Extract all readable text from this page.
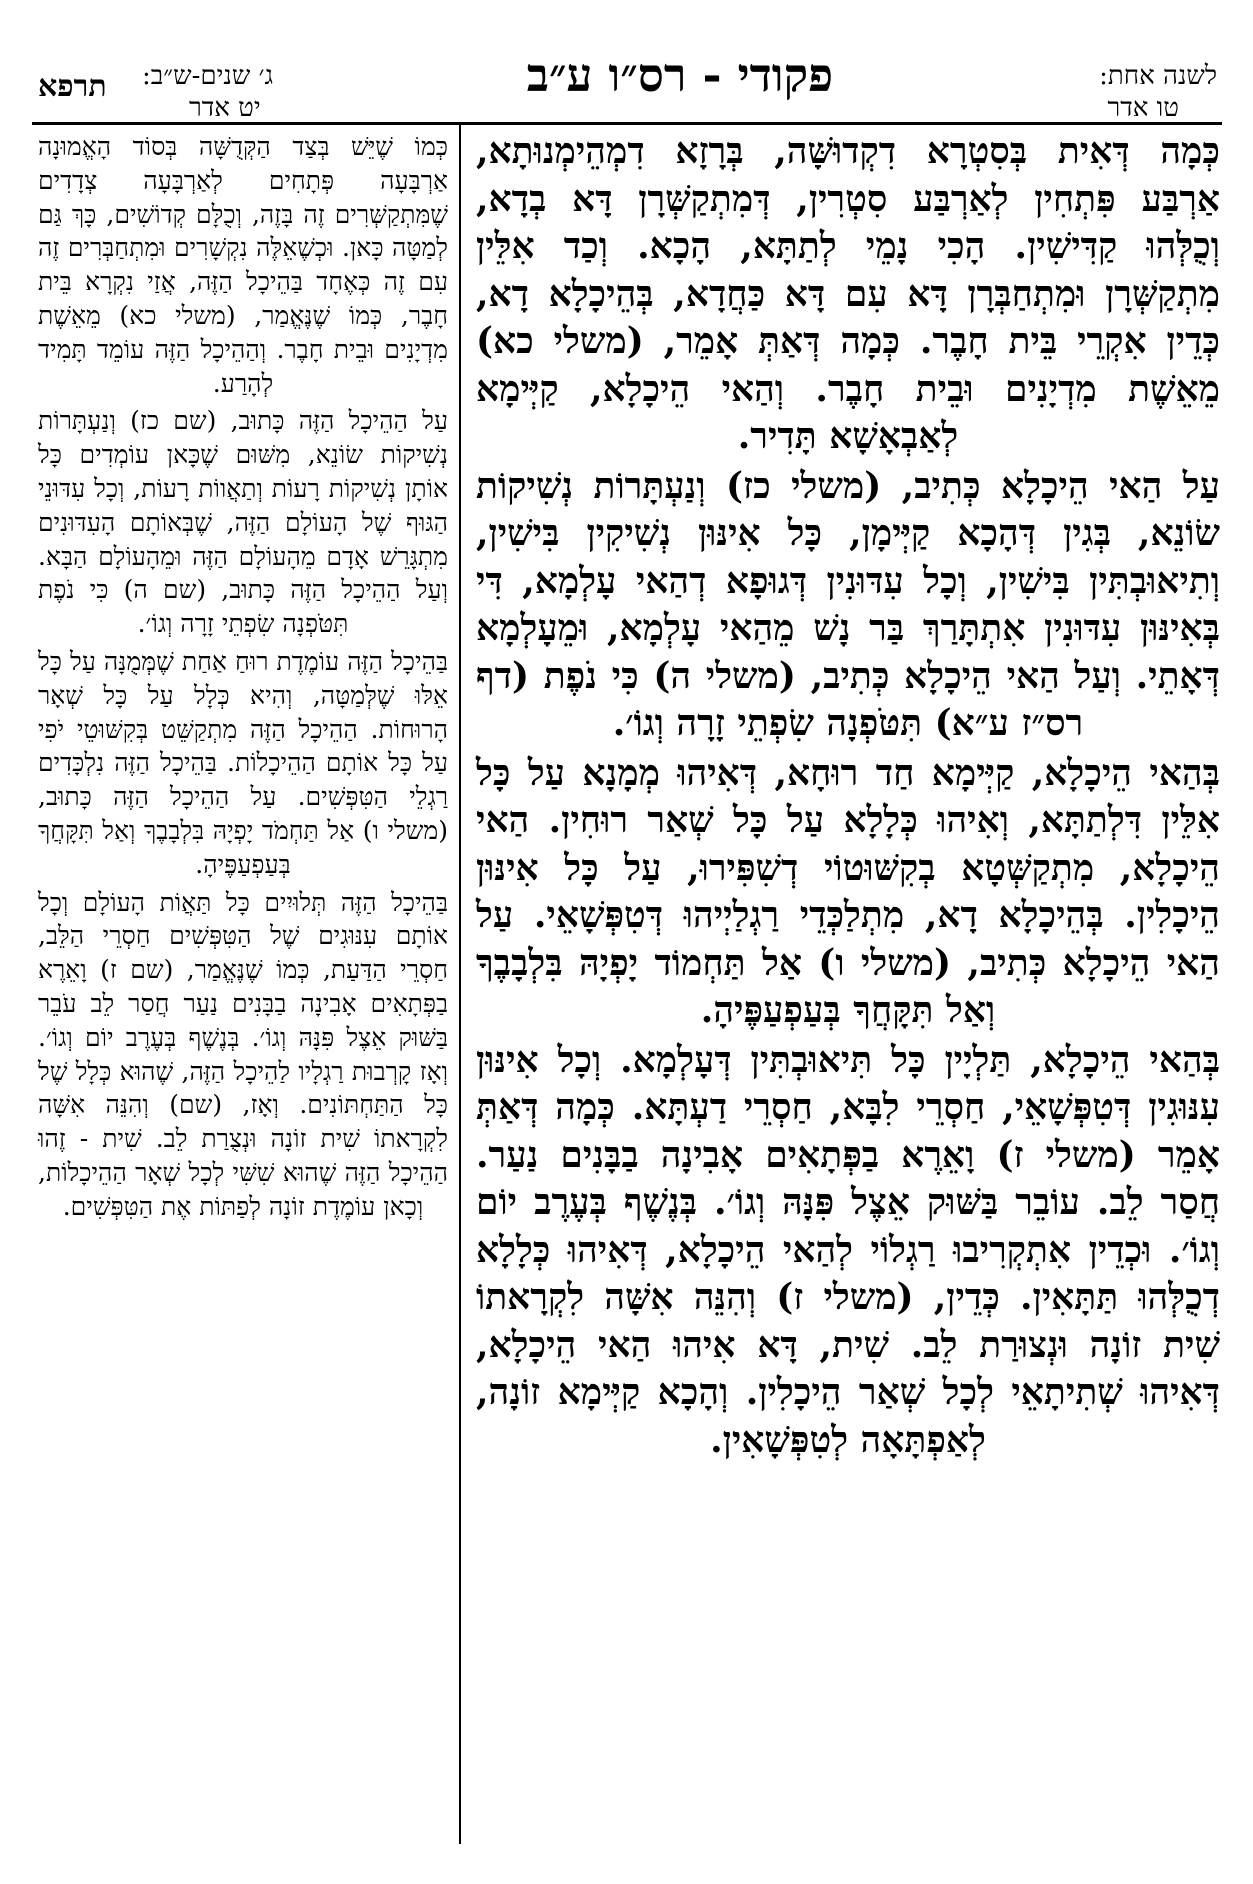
לשנה אחת:
טו אדר
פקודי - רס״ו ע״ב
ג׳ שנים-ש״ב:
יט אדר
תרפא

כְּמָה דְּאִית בְּסִטְרָא דִקְדוּשָּׁה, בְּרָזָא דִמְהֵימְנוּתָא, אַרְבַּע פִּתְחִין לְאַרְבַּע סִטְרִין, דְּמִתְקַשְּׁרָן דָּא בְדָא, וְכֻלְּהוּ קַדִּישִׁין. הָכִי נָמֵי לְתַתָּא, הָכָא. וְכַד אִלֵּין מִתְקַשְּׁרָן וּמִתְחַבְּרָן דָּא עִם דָּא כַּחֲדָא, בְּהֵיכָלָא דָא, כְּדֵין אִקְרֵי בֵּית חָבֶר. כְּמָה דְּאַתְּ אָמֵר, (משלי כא) מֵאֵשֶׁת מִדְיָנִים וּבֵית חָבֶר. וְהַאי הֵיכָלָא, קַיְּימָא לְאַבְאָשָׁא תָּדִיר.

עַל הַאי הֵיכָלָא כְּתִיב, (משלי כז) וְנַעְתָּרוֹת נְשִׁיקוֹת שׂוֹנֵא, בְּגִין דְּהָכָא קַיְּימָן, כָּל אִינּוּן נְשִׁיקִין בִּישִׁין, וְתִיאוּבְתִּין בִּישִׁין, וְכָל עִדּוּנִין דְּגוּפָא דְהַאי עָלְמָא, דִּי בְּאִינּוּן עִדּוּנִין אִתְתָּרַךְ בַּר נָשׁ מֵהַאי עָלְמָא, וּמֵעָלְמָא דְּאָתֵי. וְעַל הַאי הֵיכָלָא כְּתִיב, (משלי ה) כִּי נֹפֶת (דף רס״ז ע״א) תִּטֹּפְנָה שִׂפְתֵי זָרָה וְגוֹ׳.

בְּהַאי הֵיכָלָא, קַיְּימָא חַד רוּחָא, דְּאִיהוּ מְמָנָא עַל כָּל אִלֵּין דִּלְתַתָּא, וְאִיהוּ כְּלָלָא עַל כָּל שְׁאַר רוּחִין. הַאי הֵיכָלָא, מִתְקַשְּׁטָא בְקִשּׁוּטוֹי דְשִׁפִּירוּ, עַל כָּל אִינּוּן הֵיכָלִין. בְּהֵיכָלָא דָא, מִתְלַכְּדֵי רַגְלַיְיהוּ דְּטִפְּשָׁאֵי. עַל הַאי הֵיכָלָא כְּתִיב, (משלי ו) אַל תַּחְמוֹד יָפְיָהּ בִּלְבָבֶךָ וְאַל תִּקָּחֲךָ בְּעַפְעַפֶּיהָ.

בְּהַאי הֵיכָלָא, תַּלְיָין כָּל תִּיאוּבְתִּין דְּעָלְמָא. וְכָל אִינּוּן עִנּוּגִין דְּטִפְּשָׁאֵי, חַסְרֵי לִבָּא, חַסְרֵי דַעְתָּא. כְּמָה דְּאַתְּ אָמֵר (משלי ז) וָאֵרֶא בַפְּתָאִים אָבִינָה בַבָּנִים נַעַר. חֲסַר לֵב. עוֹבֵר בַּשּׁוּק אֵצֶל פִּנָּהּ וְגוֹ׳. בְּנֶשֶׁף בְּעֶרֶב יוֹם וְגוֹ׳. וּכְדֵין אִתְקְרִיבוּ רַגְלוֹי לְהַאי הֵיכָלָא, דְּאִיהוּ כְּלָלָא דְכֻלְּהוּ תַּתָּאִין. כְּדֵין, (משלי ז) וְהִנֵּה אִשָּׁה לִקְרָאתוֹ שִׁית זוֹנָה וּנְצוּרַת לֵב. שִׁית, דָּא אִיהוּ הַאי הֵיכָלָא, דְּאִיהוּ שְׁתִיתָאֵי לְכָל שְׁאַר הֵיכָלִין. וְהָכָא קַיְּימָא זוֹנָה, לְאַפְתָּאָה לְטִפְּשָׁאִין.

כְּמוֹ שֶׁיֵּשׁ בְּצַד הַקְּדֻשָּׁה בְּסוֹד הָאֱמוּנָה אַרְבָּעָה פְּתָחִים לְאַרְבָּעָה צְדָדִים שֶׁמִּתְקַשְּׁרִים זֶה בָּזֶה, וְכֻלָּם קְדוֹשִׁים, כָּךְ גַּם לְמַטָּה כָּאן. וּכְשֶׁאֵלֶּה נִקְשָׁרִים וּמִתְחַבְּרִים זֶה עִם זֶה כְּאֶחָד בַּהֵיכָל הַזֶּה, אֲזַי נִקְרָא בֵּית חָבֶר, כְּמוֹ שֶׁנֶּאֱמַר, (משלי כא) מֵאֵשֶׁת מִדְיָנִים וּבֵית חָבֶר. וְהַהֵיכָל הַזֶּה עוֹמֵד תָּמִיד לְהָרַע.

עַל הַהֵיכָל הַזֶּה כָּתוּב, (שם כז) וְנַעְתָּרוֹת נְשִׁיקוֹת שׂוֹנֵא, מִשּׁוּם שֶׁכָּאן עוֹמְדִים כָּל אוֹתָן נְשִׁיקוֹת רָעוֹת וְתַאֲווֹת רָעוֹת, וְכָל עִדּוּנֵי הַגּוּף שֶׁל הָעוֹלָם הַזֶּה, שֶׁבְּאוֹתָם הָעִדּוּנִים מִתְגָּרֵשׁ אָדָם מֵהָעוֹלָם הַזֶּה וּמֵהָעוֹלָם הַבָּא. וְעַל הַהֵיכָל הַזֶּה כָּתוּב, (שם ה) כִּי נֹפֶת תִּטֹּפְנָה שִׂפְתֵי זָרָה וְגוֹ׳.

בַּהֵיכָל הַזֶּה עוֹמֶדֶת רוּחַ אַחַת שֶׁמְּמֻנָּה עַל כָּל אֵלּוּ שֶׁלְּמַטָּה, וְהִיא כְּלָל עַל כָּל שְׁאָר הָרוּחוֹת. הַהֵיכָל הַזֶּה מִתְקַשֵּׁט בְּקִשּׁוּטֵי יֹפִי עַל כָּל אוֹתָם הַהֵיכָלוֹת. בַּהֵיכָל הַזֶּה נִלְכָּדִים רַגְלֵי הַטִּפְּשִׁים. עַל הַהֵיכָל הַזֶּה כָּתוּב, (משלי ו) אַל תַּחְמֹד יָפְיָהּ בִּלְבָבֶךָ וְאַל תִּקָּחֲךָ בְּעַפְעַפֶּיהָ.

בַּהֵיכָל הַזֶּה תְּלוּיִים כָּל תַּאֲוֹת הָעוֹלָם וְכָל אוֹתָם עִנּוּגִים שֶׁל הַטִּפְּשִׁים חַסְרֵי הַלֵּב, חַסְרֵי הַדַּעַת, כְּמוֹ שֶׁנֶּאֱמַר, (שם ז) וָאֵרֶא בַפְּתָאִים אָבִינָה בַבָּנִים נַעַר חֲסַר לֵב עֹבֵר בַּשּׁוּק אֵצֶל פִּנָּהּ וְגוֹ׳. בְּנֶשֶׁף בְּעֶרֶב יוֹם וְגוֹ׳. וְאָז קָרְבוּת רַגְלָיו לַהֵיכָל הַזֶּה, שֶׁהוּא כְּלָל שֶׁל כָּל הַתַּחְתּוֹנִים. וְאָז, (שם) וְהִנֵּה אִשָּׁה לִקְרָאתוֹ שִׁית זוֹנָה וּנְצֻרַת לֵב. שִׁית - זֶהוּ הַהֵיכָל הַזֶּה שֶׁהוּא שִׁשִּׁי לְכָל שְׁאָר הַהֵיכָלוֹת, וְכָאן עוֹמֶדֶת זוֹנָה לְפַתּוֹת אֶת הַטִּפְּשִׁים.
